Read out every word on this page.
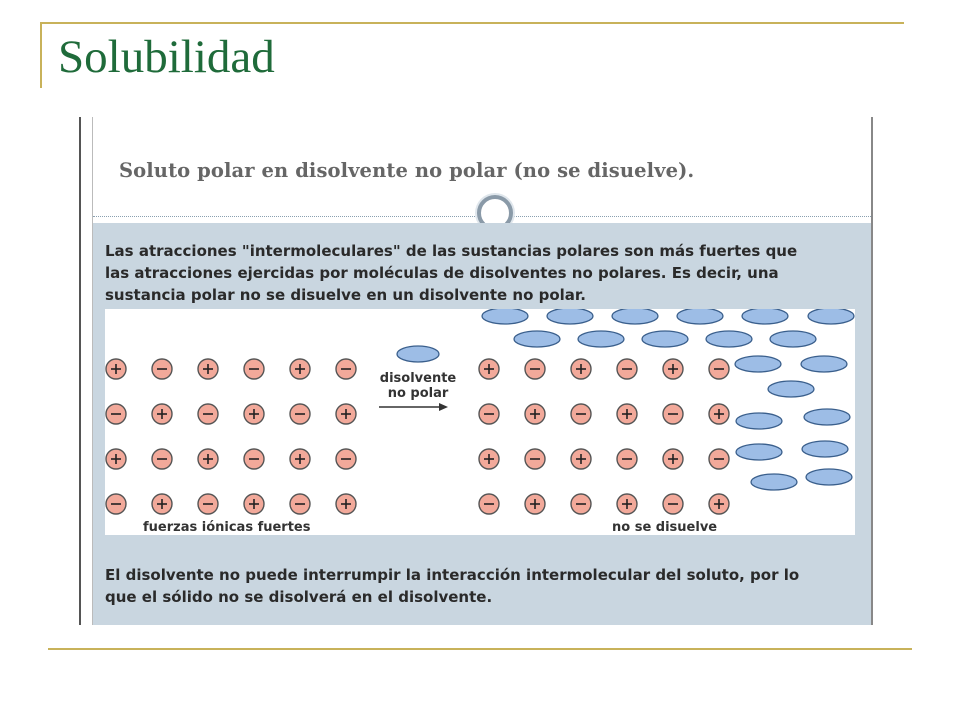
Solubilidad
Soluto polar en disolvente no polar (no se disuelve).
Las atracciones "intermoleculares" de las sustancias polares son más fuertes que
las atracciones ejercidas por moléculas de disolventes no polares. Es decir, una
sustancia polar no se disuelve en un disolvente no polar.
disolvente
no polar
fuerzas iónicas fuertes	no se disuelve
El disolvente no puede interrumpir la interacción intermolecular del soluto, por lo
que el sólido no se disolverá en el disolvente.
